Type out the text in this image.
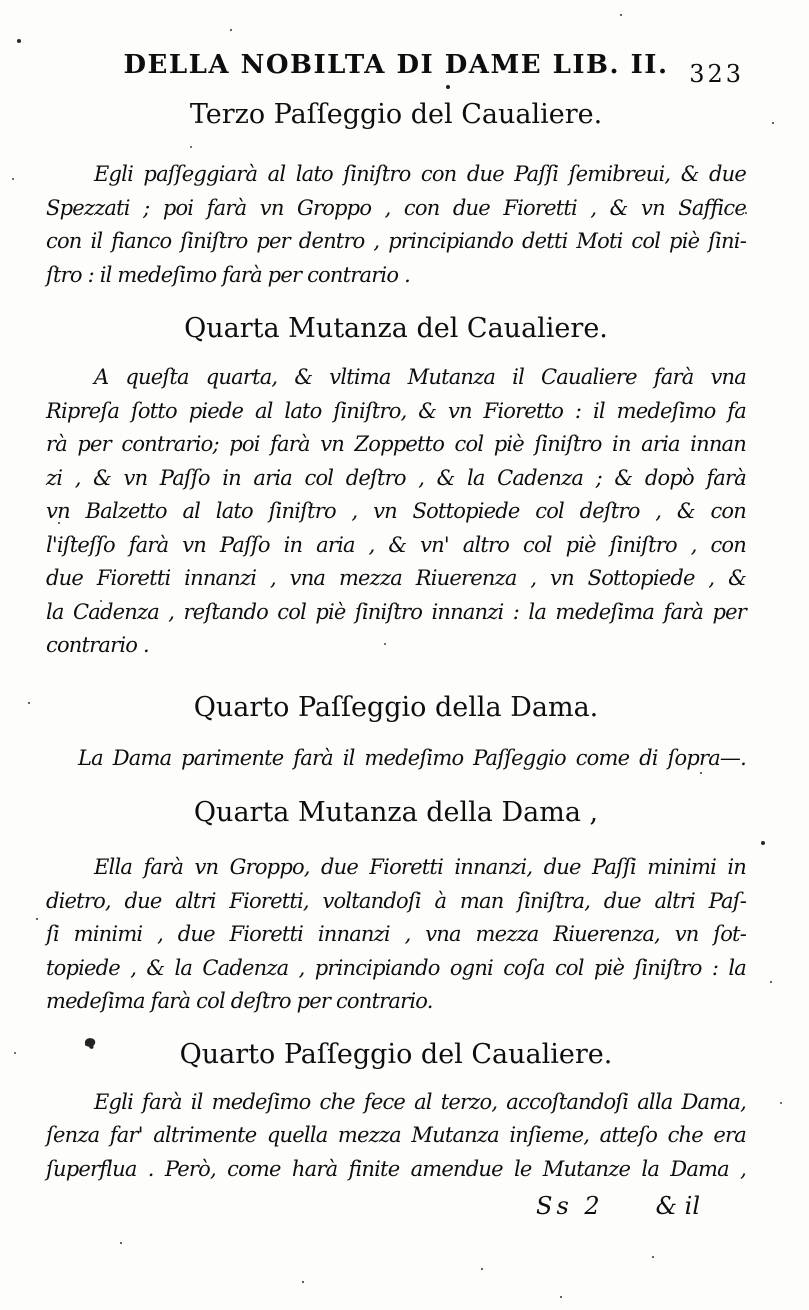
DELLA NOBILTA DI DAME LIB. II. 323
Terzo Paſſeggio del Caualiere.
Egli paſſeggiarà al lato ſiniſtro con due Paſſi ſemibreui, & due
Spezzati ; poi farà vn Groppo , con due Fioretti , & vn Saffice
con il fianco ſiniſtro per dentro , principiando detti Moti col piè ſini-
ſtro : il medeſimo farà per contrario .
Quarta Mutanza del Caualiere.
A queſta quarta, & vltima Mutanza il Caualiere farà vna
Ripreſa ſotto piede al lato ſiniſtro, & vn Fioretto : il medeſimo fa
rà per contrario; poi farà vn Zoppetto col piè ſiniſtro in aria innan
zi , & vn Paſſo in aria col deſtro , & la Cadenza ; & dopò farà
vn Balzetto al lato ſiniſtro , vn Sottopiede col deſtro , & con
l'iſteſſo farà vn Paſſo in aria , & vn' altro col piè ſiniſtro , con
due Fioretti innanzi , vna mezza Riuerenza , vn Sottopiede , &
la Cadenza , reſtando col piè ſiniſtro innanzi : la medeſima farà per
contrario .
Quarto Paſſeggio della Dama.
La Dama parimente farà il medeſimo Paſſeggio come di ſopra—.
Quarta Mutanza della Dama ,
Ella farà vn Groppo, due Fioretti innanzi, due Paſſi minimi in
dietro, due altri Fioretti, voltandoſi à man ſiniſtra, due altri Paſ-
ſi minimi , due Fioretti innanzi , vna mezza Riuerenza, vn ſot-
topiede , & la Cadenza , principiando ogni coſa col piè ſiniſtro : la
medeſima farà col deſtro per contrario.
Quarto Paſſeggio del Caualiere.
Egli farà il medeſimo che fece al terzo, accoſtandoſi alla Dama,
ſenza far' altrimente quella mezza Mutanza inſieme, atteſo che era
ſuperflua . Però, come harà finite amendue le Mutanze la Dama ,
Ss 2 & il
